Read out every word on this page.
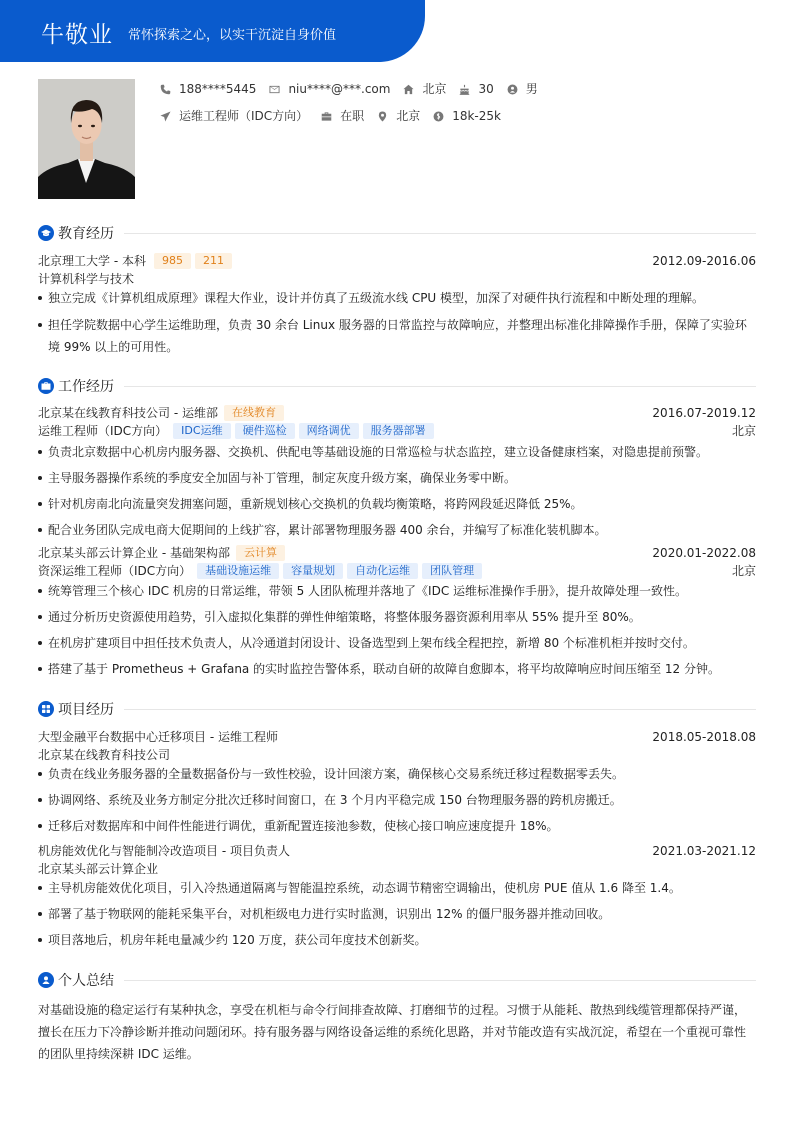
牛敬业 常怀探索之心，以实干沉淀自身价值
188****5445	niu****@***.com	北京	30	男
运维工程师（IDC方向）	在职	北京	18k-25k
教育经历
北京理工大学 - 本科	985	211	2012.09-2016.06
计算机科学与技术
独立完成《计算机组成原理》课程大作业，设计并仿真了五级流水线 CPU 模型，加深了对硬件执行流程和中断处理的理解。
担任学院数据中心学生运维助理，负责 30 余台 Linux 服务器的日常监控与故障响应，并整理出标准化排障操作手册，保障了实验环境 99% 以上的可用性。
工作经历
北京某在线教育科技公司 - 运维部	在线教育	2016.07-2019.12
运维工程师（IDC方向）	IDC运维	硬件巡检	网络调优	服务器部署	北京
负责北京数据中心机房内服务器、交换机、供配电等基础设施的日常巡检与状态监控，建立设备健康档案，对隐患提前预警。
主导服务器操作系统的季度安全加固与补丁管理，制定灰度升级方案，确保业务零中断。
针对机房南北向流量突发拥塞问题，重新规划核心交换机的负载均衡策略，将跨网段延迟降低 25%。
配合业务团队完成电商大促期间的上线扩容，累计部署物理服务器 400 余台，并编写了标准化装机脚本。
北京某头部云计算企业 - 基础架构部	云计算	2020.01-2022.08
资深运维工程师（IDC方向）	基础设施运维	容量规划	自动化运维	团队管理	北京
统筹管理三个核心 IDC 机房的日常运维，带领 5 人团队梳理并落地了《IDC 运维标准操作手册》，提升故障处理一致性。
通过分析历史资源使用趋势，引入虚拟化集群的弹性伸缩策略，将整体服务器资源利用率从 55% 提升至 80%。
在机房扩建项目中担任技术负责人，从冷通道封闭设计、设备选型到上架布线全程把控，新增 80 个标准机柜并按时交付。
搭建了基于 Prometheus + Grafana 的实时监控告警体系，联动自研的故障自愈脚本，将平均故障响应时间压缩至 12 分钟。
项目经历
大型金融平台数据中心迁移项目 - 运维工程师	2018.05-2018.08
北京某在线教育科技公司
负责在线业务服务器的全量数据备份与一致性校验，设计回滚方案，确保核心交易系统迁移过程数据零丢失。
协调网络、系统及业务方制定分批次迁移时间窗口，在 3 个月内平稳完成 150 台物理服务器的跨机房搬迁。
迁移后对数据库和中间件性能进行调优，重新配置连接池参数，使核心接口响应速度提升 18%。
机房能效优化与智能制冷改造项目 - 项目负责人	2021.03-2021.12
北京某头部云计算企业
主导机房能效优化项目，引入冷热通道隔离与智能温控系统，动态调节精密空调输出，使机房 PUE 值从 1.6 降至 1.4。
部署了基于物联网的能耗采集平台，对机柜级电力进行实时监测，识别出 12% 的僵尸服务器并推动回收。
项目落地后，机房年耗电量减少约 120 万度，获公司年度技术创新奖。
个人总结
对基础设施的稳定运行有某种执念，享受在机柜与命令行间排查故障、打磨细节的过程。习惯于从能耗、散热到线缆管理都保持严谨，
擅长在压力下冷静诊断并推动问题闭环。持有服务器与网络设备运维的系统化思路，并对节能改造有实战沉淀，希望在一个重视可靠性
的团队里持续深耕 IDC 运维。
